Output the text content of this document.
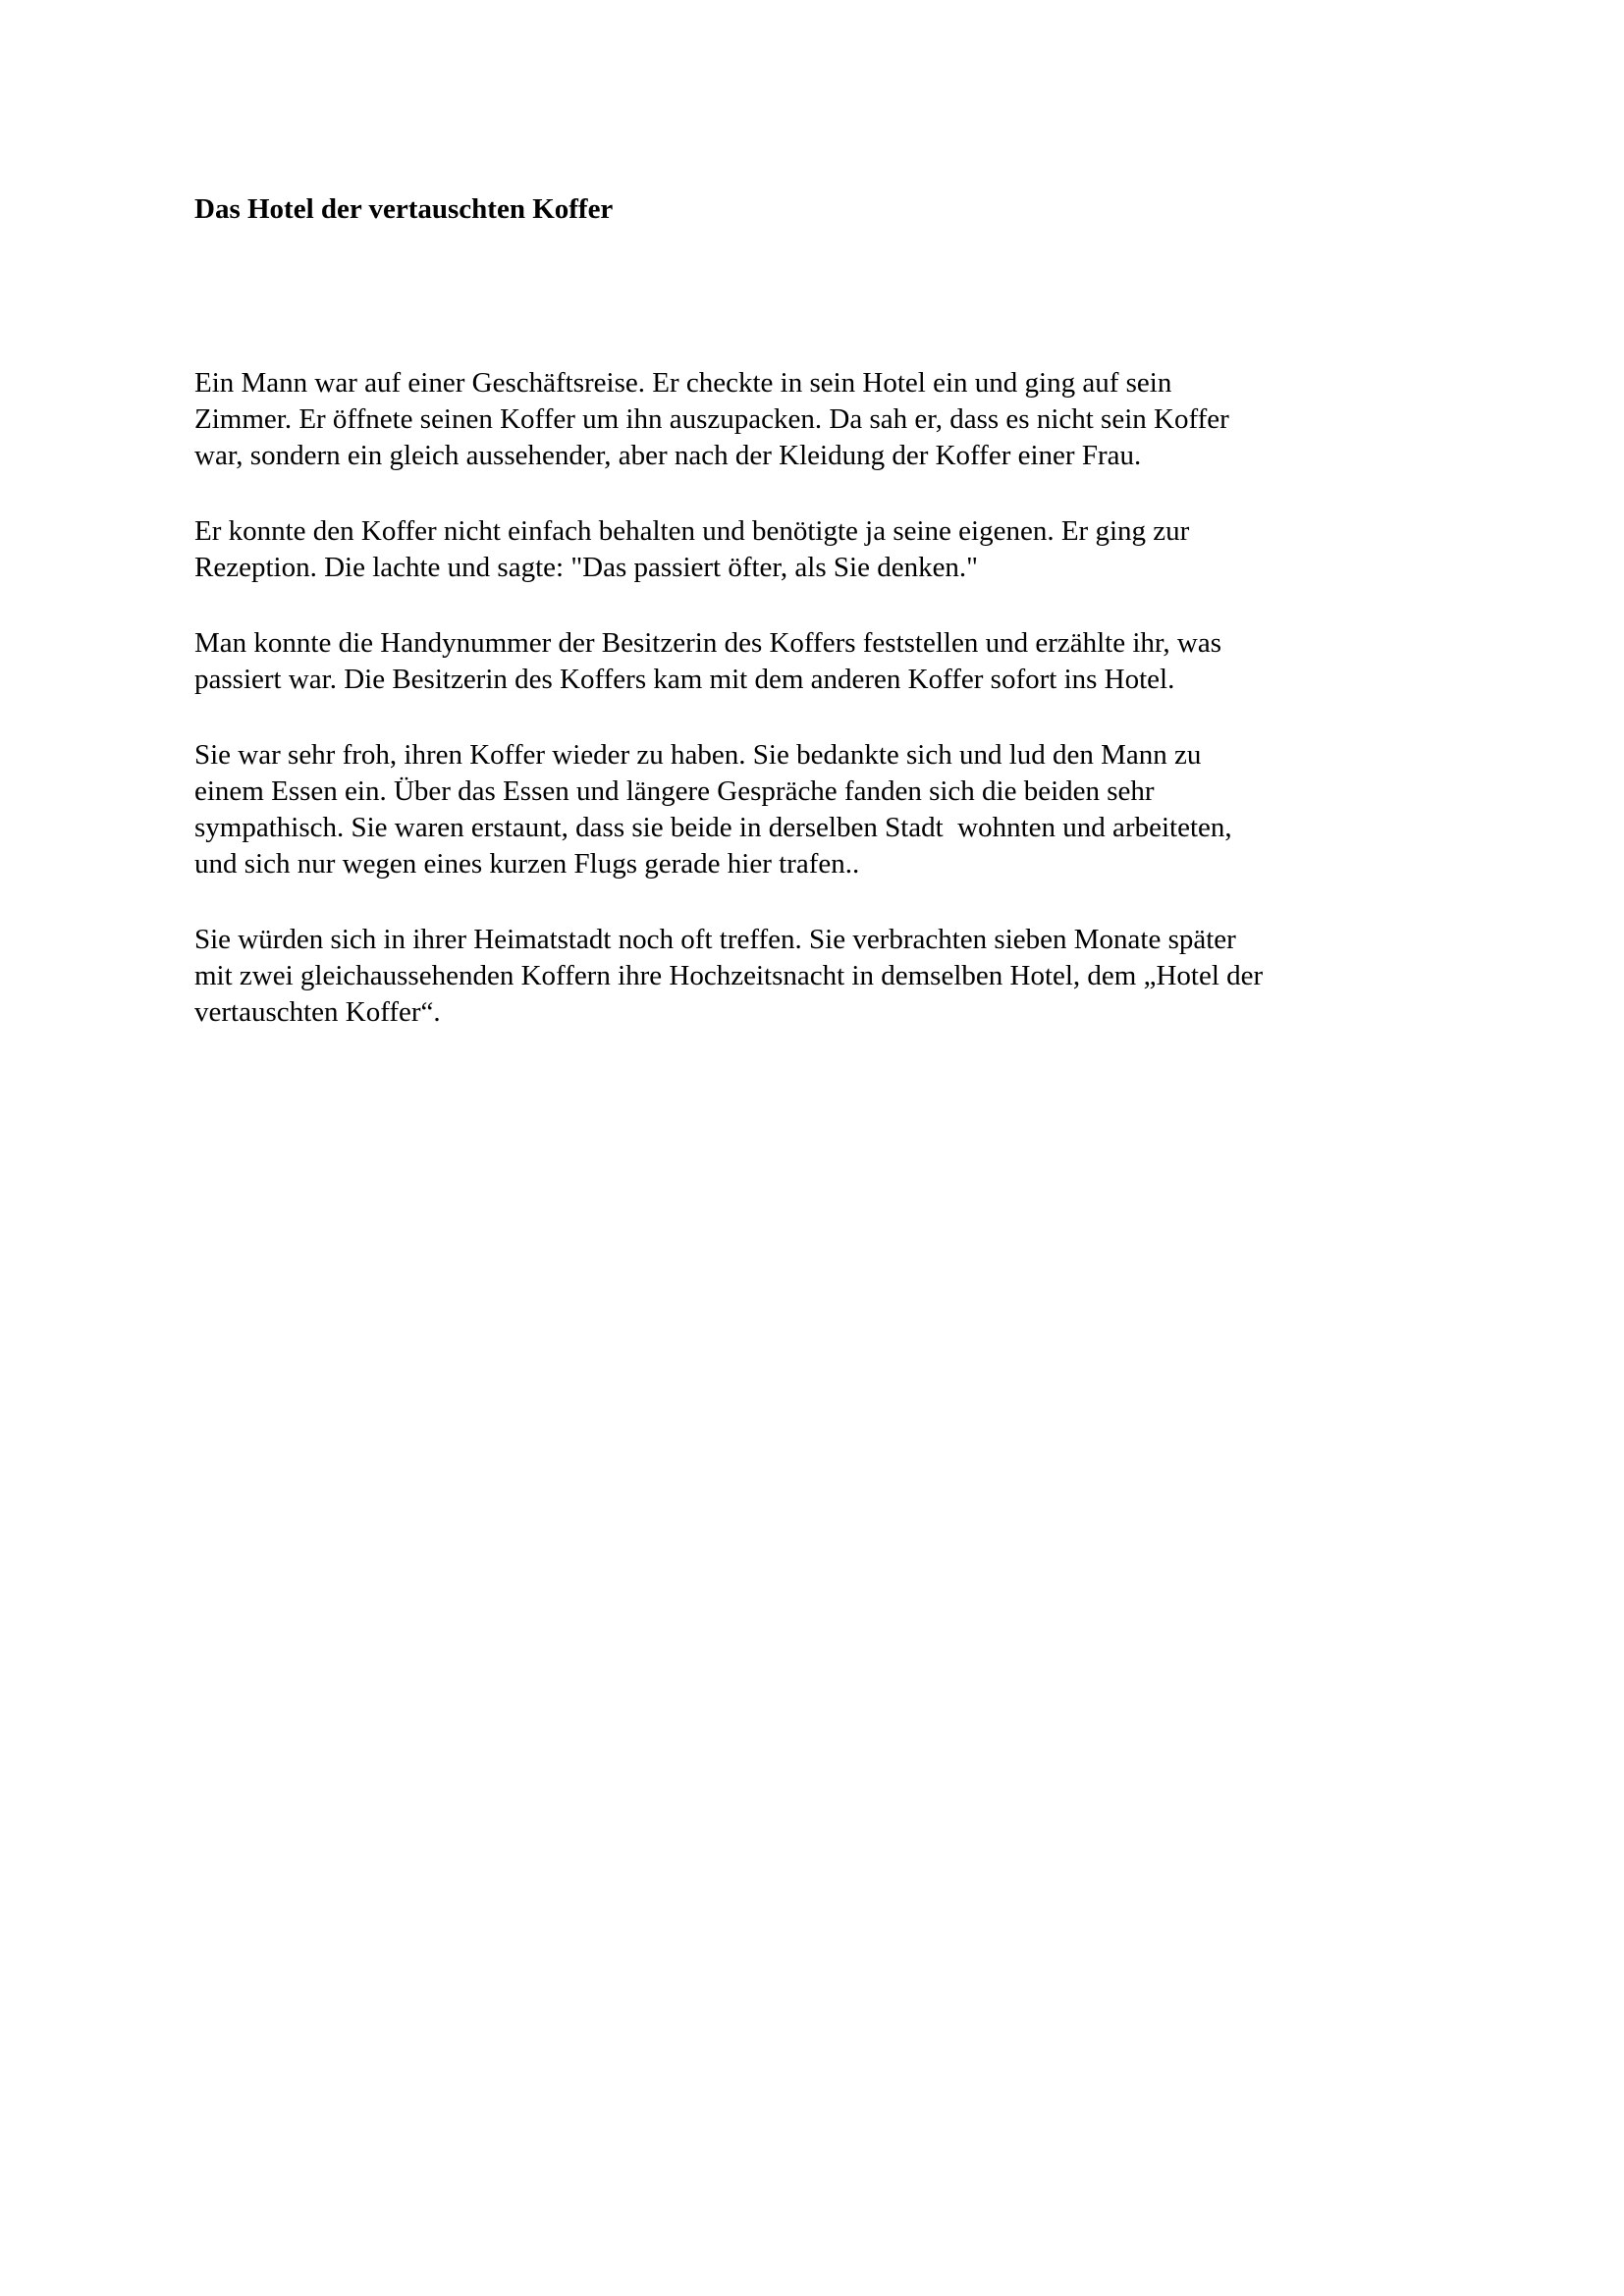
Das Hotel der vertauschten Koffer

Ein Mann war auf einer Geschäftsreise. Er checkte in sein Hotel ein und ging auf sein

Zimmer. Er öffnete seinen Koffer um ihn auszupacken. Da sah er, dass es nicht sein Koffer

war, sondern ein gleich aussehender, aber nach der Kleidung der Koffer einer Frau.

Er konnte den Koffer nicht einfach behalten und benötigte ja seine eigenen. Er ging zur

Rezeption. Die lachte und sagte: "Das passiert öfter, als Sie denken."

Man konnte die Handynummer der Besitzerin des Koffers feststellen und erzählte ihr, was

passiert war. Die Besitzerin des Koffers kam mit dem anderen Koffer sofort ins Hotel.

Sie war sehr froh, ihren Koffer wieder zu haben. Sie bedankte sich und lud den Mann zu

einem Essen ein. Über das Essen und längere Gespräche fanden sich die beiden sehr

sympathisch. Sie waren erstaunt, dass sie beide in derselben Stadt  wohnten und arbeiteten,

und sich nur wegen eines kurzen Flugs gerade hier trafen..

Sie würden sich in ihrer Heimatstadt noch oft treffen. Sie verbrachten sieben Monate später

mit zwei gleichaussehenden Koffern ihre Hochzeitsnacht in demselben Hotel, dem „Hotel der

vertauschten Koffer“.
